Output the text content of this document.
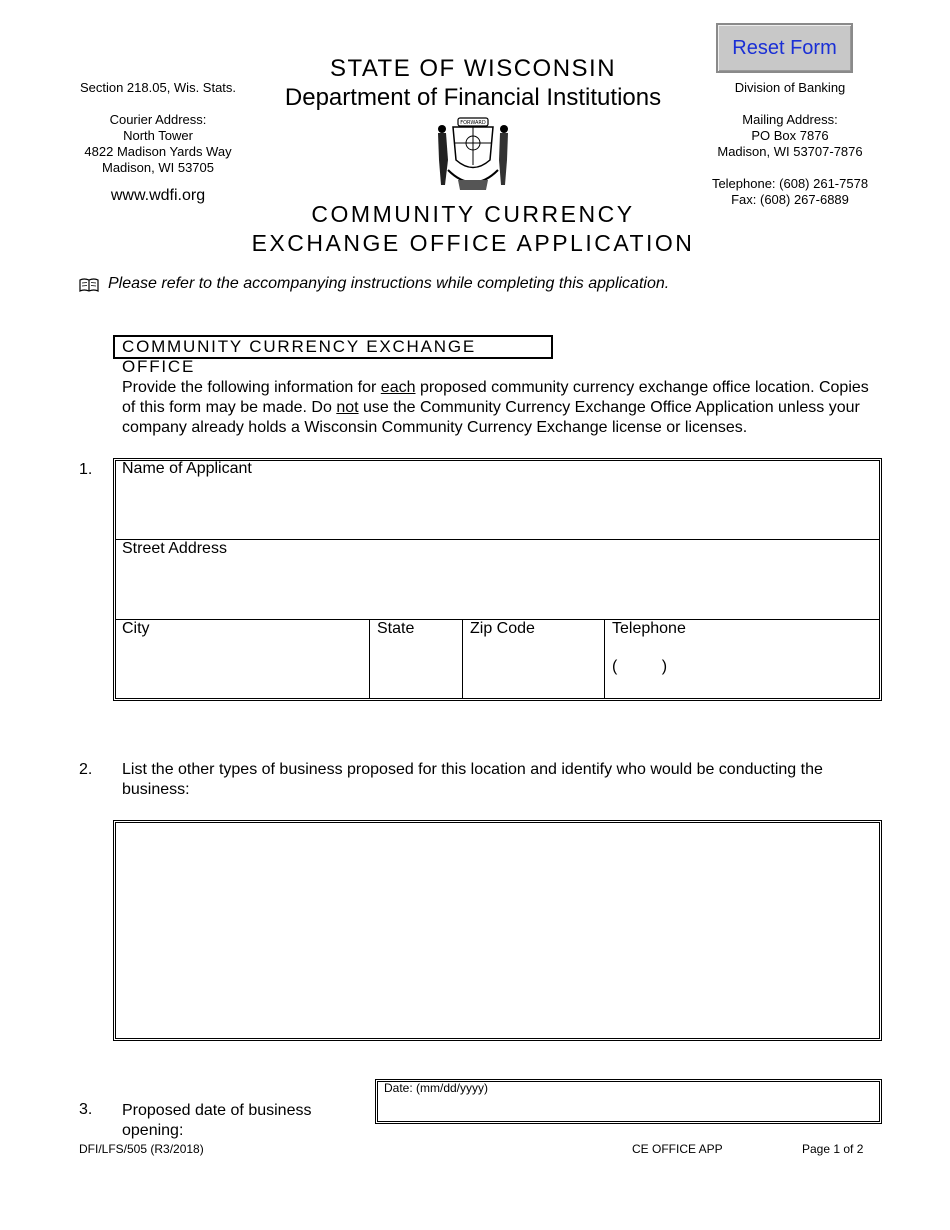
Reset Form
Section 218.05, Wis. Stats.
Courier Address:
North Tower
4822 Madison Yards Way
Madison, WI 53705
www.wdfi.org
STATE OF WISCONSIN
Department of Financial Institutions
FORWARD
COMMUNITY CURRENCY
EXCHANGE OFFICE APPLICATION
Division of Banking
Mailing Address:
PO Box 7876
Madison, WI 53707-7876
Telephone: (608) 261-7578
Fax: (608) 267-6889
Please refer to the accompanying instructions while completing this application.
COMMUNITY CURRENCY EXCHANGE OFFICE
Provide the following information for each proposed community currency exchange office location. Copies of this form may be made. Do not use the Community Currency Exchange Office Application unless your company already holds a Wisconsin Community Currency Exchange license or licenses.
1.	Name of Applicant
Street Address
City	State	Zip Code	Telephone
(          )
2. List the other types of business proposed for this location and identify who would be conducting the business:
3. Proposed date of business opening:
Date: (mm/dd/yyyy)
DFI/LFS/505 (R3/2018)	CE OFFICE APP	Page 1 of 2
